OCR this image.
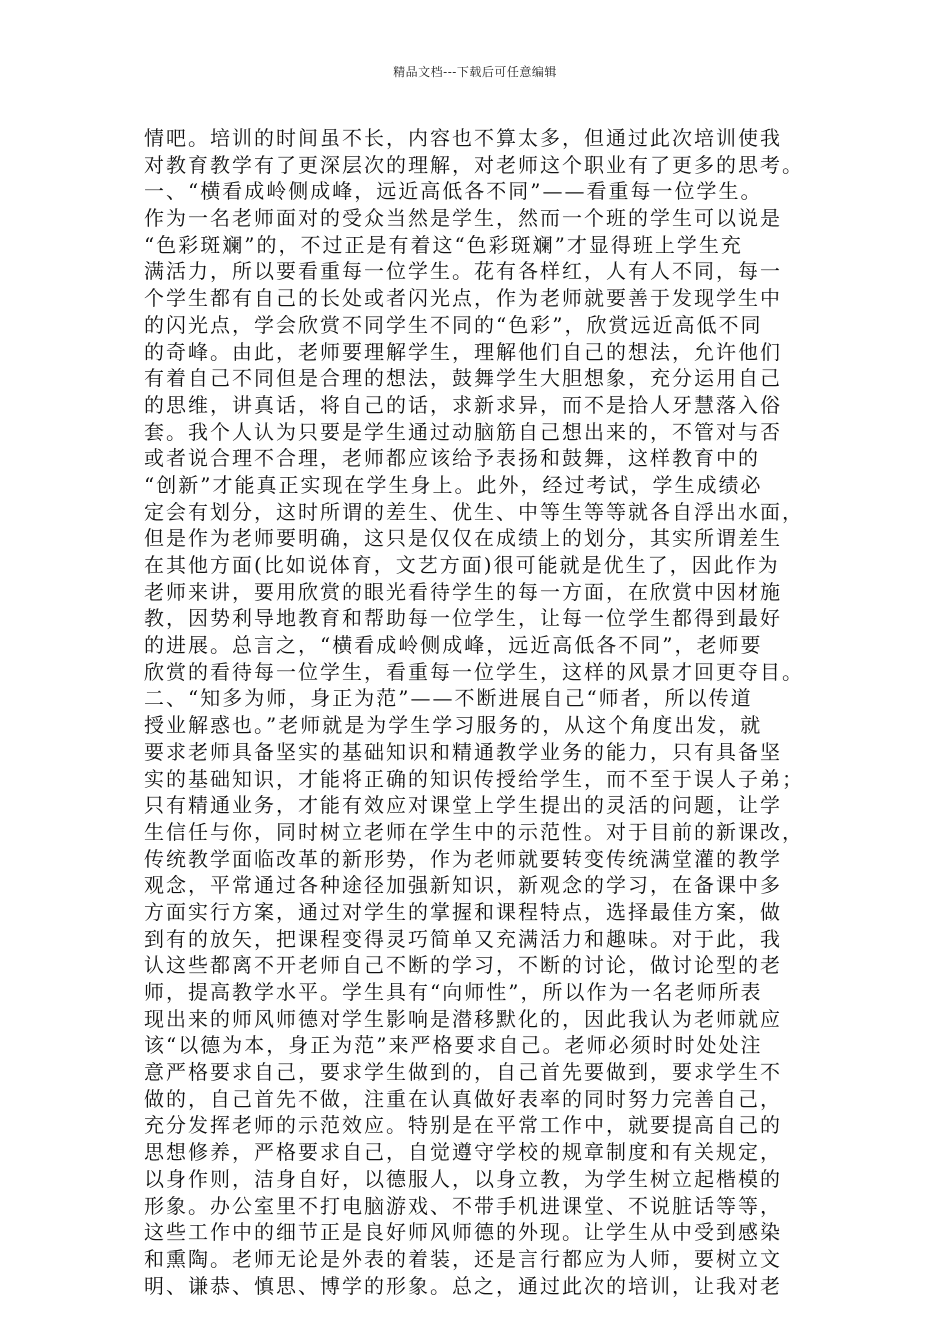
精品文档---下载后可任意编辑
情吧。培训的时间虽不长，内容也不算太多，但通过此次培训使我
对教育教学有了更深层次的理解，对老师这个职业有了更多的思考。
一、“横看成岭侧成峰，远近高低各不同”——看重每一位学生。
作为一名老师面对的受众当然是学生，然而一个班的学生可以说是
“色彩斑斓”的，不过正是有着这“色彩斑斓”才显得班上学生充
满活力，所以要看重每一位学生。花有各样红，人有人不同，每一
个学生都有自己的长处或者闪光点，作为老师就要善于发现学生中
的闪光点，学会欣赏不同学生不同的“色彩”，欣赏远近高低不同
的奇峰。由此，老师要理解学生，理解他们自己的想法，允许他们
有着自己不同但是合理的想法，鼓舞学生大胆想象，充分运用自己
的思维，讲真话，将自己的话，求新求异，而不是拾人牙慧落入俗
套。我个人认为只要是学生通过动脑筋自己想出来的，不管对与否
或者说合理不合理，老师都应该给予表扬和鼓舞，这样教育中的
“创新”才能真正实现在学生身上。此外，经过考试，学生成绩必
定会有划分，这时所谓的差生、优生、中等生等等就各自浮出水面，
但是作为老师要明确，这只是仅仅在成绩上的划分，其实所谓差生
在其他方面(比如说体育，文艺方面)很可能就是优生了，因此作为
老师来讲，要用欣赏的眼光看待学生的每一方面，在欣赏中因材施
教，因势利导地教育和帮助每一位学生，让每一位学生都得到最好
的进展。总言之，“横看成岭侧成峰，远近高低各不同”，老师要
欣赏的看待每一位学生，看重每一位学生，这样的风景才回更夺目。
二、“知多为师，身正为范”——不断进展自己“师者，所以传道
授业解惑也。”老师就是为学生学习服务的，从这个角度出发，就
要求老师具备坚实的基础知识和精通教学业务的能力，只有具备坚
实的基础知识，才能将正确的知识传授给学生，而不至于误人子弟；
只有精通业务，才能有效应对课堂上学生提出的灵活的问题，让学
生信任与你，同时树立老师在学生中的示范性。对于目前的新课改，
传统教学面临改革的新形势，作为老师就要转变传统满堂灌的教学
观念，平常通过各种途径加强新知识，新观念的学习，在备课中多
方面实行方案，通过对学生的掌握和课程特点，选择最佳方案，做
到有的放矢，把课程变得灵巧简单又充满活力和趣味。对于此，我
认这些都离不开老师自己不断的学习，不断的讨论，做讨论型的老
师，提高教学水平。学生具有“向师性”，所以作为一名老师所表
现出来的师风师德对学生影响是潜移默化的，因此我认为老师就应
该“以德为本，身正为范”来严格要求自己。老师必须时时处处注
意严格要求自己，要求学生做到的，自己首先要做到，要求学生不
做的，自己首先不做，注重在认真做好表率的同时努力完善自己，
充分发挥老师的示范效应。特别是在平常工作中，就要提高自己的
思想修养，严格要求自己，自觉遵守学校的规章制度和有关规定，
以身作则，洁身自好，以德服人，以身立教，为学生树立起楷模的
形象。办公室里不打电脑游戏、不带手机进课堂、不说脏话等等，
这些工作中的细节正是良好师风师德的外现。让学生从中受到感染
和熏陶。老师无论是外表的着装，还是言行都应为人师，要树立文
明、谦恭、慎思、博学的形象。总之，通过此次的培训，让我对老
